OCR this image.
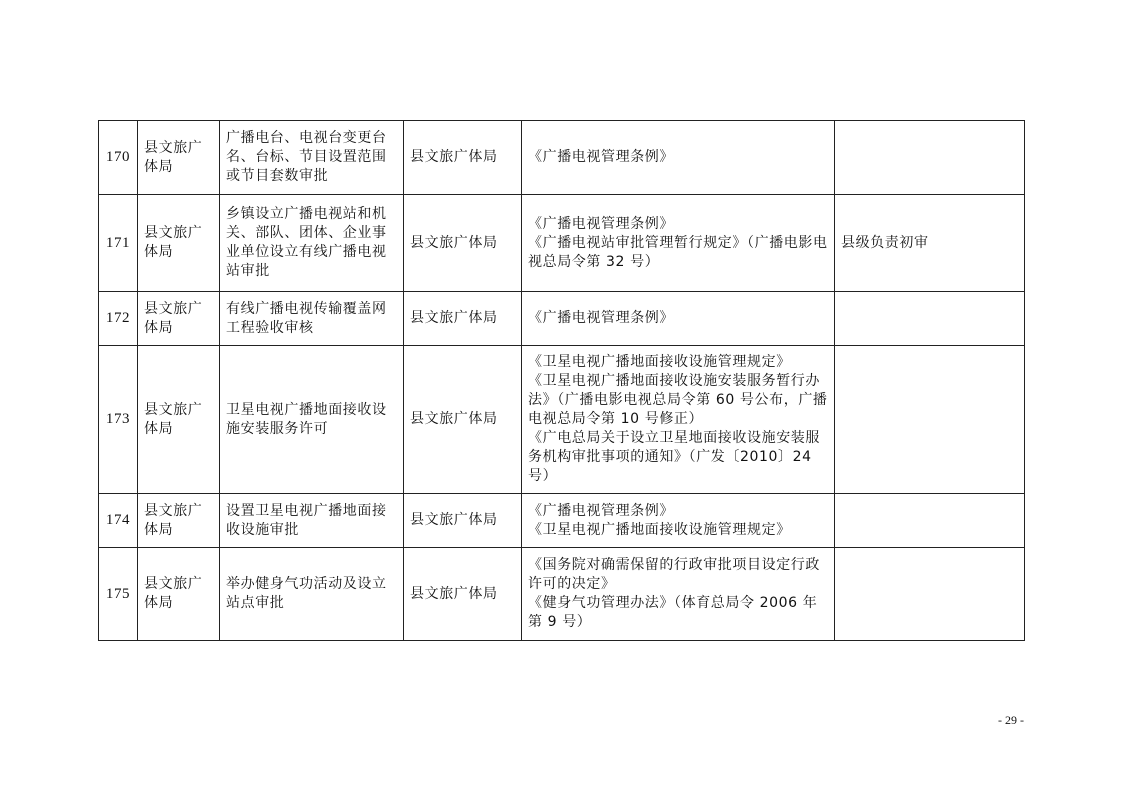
170	县文旅广体局	广播电台、电视台变更台名、台标、节目设置范围或节目套数审批	县文旅广体局	《广播电视管理条例》	

171	县文旅广体局	乡镇设立广播电视站和机关、部队、团体、企业事业单位设立有线广播电视站审批	县文旅广体局	《广播电视管理条例》
《广播电视站审批管理暂行规定》（广播电影电视总局令第 32 号）	县级负责初审
172	县文旅广体局	有线广播电视传输覆盖网工程验收审核	县文旅广体局	《广播电视管理条例》	

173	县文旅广体局	卫星电视广播地面接收设施安装服务许可	县文旅广体局	《卫星电视广播地面接收设施管理规定》
《卫星电视广播地面接收设施安装服务暂行办法》（广播电影电视总局令第 60 号公布，广播电视总局令第 10 号修正）
《广电总局关于设立卫星地面接收设施安装服务机构审批事项的通知》（广发〔2010〕24 号）	

174	县文旅广体局	设置卫星电视广播地面接收设施审批	县文旅广体局	《广播电视管理条例》
《卫星电视广播地面接收设施管理规定》	

175	县文旅广体局	举办健身气功活动及设立站点审批	县文旅广体局	《国务院对确需保留的行政审批项目设定行政许可的决定》
《健身气功管理办法》（体育总局令 2006 年第 9 号）	

- 29 -
